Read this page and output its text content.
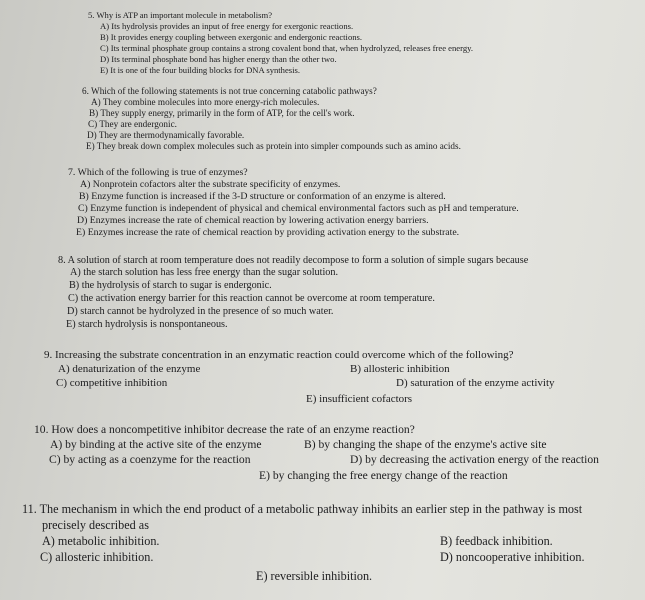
5. Why is ATP an important molecule in metabolism?
A) Its hydrolysis provides an input of free energy for exergonic reactions.
B) It provides energy coupling between exergonic and endergonic reactions.
C) Its terminal phosphate group contains a strong covalent bond that, when hydrolyzed, releases free energy.
D) Its terminal phosphate bond has higher energy than the other two.
E) It is one of the four building blocks for DNA synthesis.
6. Which of the following statements is not true concerning catabolic pathways?
A) They combine molecules into more energy-rich molecules.
B) They supply energy, primarily in the form of ATP, for the cell's work.
C) They are endergonic.
D) They are thermodynamically favorable.
E) They break down complex molecules such as protein into simpler compounds such as amino acids.
7. Which of the following is true of enzymes?
A) Nonprotein cofactors alter the substrate specificity of enzymes.
B) Enzyme function is increased if the 3-D structure or conformation of an enzyme is altered.
C) Enzyme function is independent of physical and chemical environmental factors such as pH and temperature.
D) Enzymes increase the rate of chemical reaction by lowering activation energy barriers.
E) Enzymes increase the rate of chemical reaction by providing activation energy to the substrate.
8. A solution of starch at room temperature does not readily decompose to form a solution of simple sugars because
A) the starch solution has less free energy than the sugar solution.
B) the hydrolysis of starch to sugar is endergonic.
C) the activation energy barrier for this reaction cannot be overcome at room temperature.
D) starch cannot be hydrolyzed in the presence of so much water.
E) starch hydrolysis is nonspontaneous.
9. Increasing the substrate concentration in an enzymatic reaction could overcome which of the following?
A) denaturization of the enzyme	B) allosteric inhibition
C) competitive inhibition	D) saturation of the enzyme activity
E) insufficient cofactors
10. How does a noncompetitive inhibitor decrease the rate of an enzyme reaction?
A) by binding at the active site of the enzyme	B) by changing the shape of the enzyme's active site
C) by acting as a coenzyme for the reaction	D) by decreasing the activation energy of the reaction
E) by changing the free energy change of the reaction
11. The mechanism in which the end product of a metabolic pathway inhibits an earlier step in the pathway is most
precisely described as
A) metabolic inhibition.	B) feedback inhibition.
C) allosteric inhibition.	D) noncooperative inhibition.
E) reversible inhibition.
